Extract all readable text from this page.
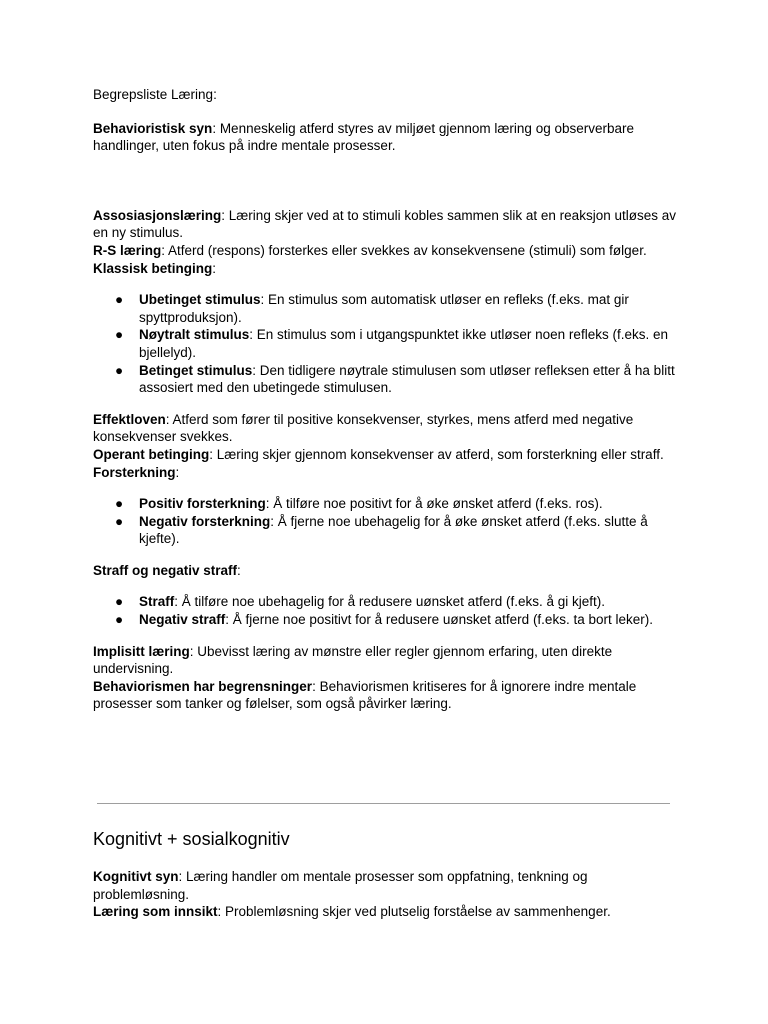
Begrepsliste Læring:

Behavioristisk syn: Menneskelig atferd styres av miljøet gjennom læring og observerbare handlinger, uten fokus på indre mentale prosesser.

Assosiasjonslæring: Læring skjer ved at to stimuli kobles sammen slik at en reaksjon utløses av en ny stimulus.

R-S læring: Atferd (respons) forsterkes eller svekkes av konsekvensene (stimuli) som følger.

Klassisk betinging:

● Ubetinget stimulus: En stimulus som automatisk utløser en refleks (f.eks. mat gir spyttproduksjon).
● Nøytralt stimulus: En stimulus som i utgangspunktet ikke utløser noen refleks (f.eks. en bjellelyd).
● Betinget stimulus: Den tidligere nøytrale stimulusen som utløser refleksen etter å ha blitt assosiert med den ubetingede stimulusen.

Effektloven: Atferd som fører til positive konsekvenser, styrkes, mens atferd med negative konsekvenser svekkes.

Operant betinging: Læring skjer gjennom konsekvenser av atferd, som forsterkning eller straff.

Forsterkning:

● Positiv forsterkning: Å tilføre noe positivt for å øke ønsket atferd (f.eks. ros).
● Negativ forsterkning: Å fjerne noe ubehagelig for å øke ønsket atferd (f.eks. slutte å kjefte).

Straff og negativ straff:

● Straff: Å tilføre noe ubehagelig for å redusere uønsket atferd (f.eks. å gi kjeft).
● Negativ straff: Å fjerne noe positivt for å redusere uønsket atferd (f.eks. ta bort leker).

Implisitt læring: Ubevisst læring av mønstre eller regler gjennom erfaring, uten direkte undervisning.

Behaviorismen har begrensninger: Behaviorismen kritiseres for å ignorere indre mentale prosesser som tanker og følelser, som også påvirker læring.

Kognitivt + sosialkognitiv

Kognitivt syn: Læring handler om mentale prosesser som oppfatning, tenkning og problemløsning.

Læring som innsikt: Problemløsning skjer ved plutselig forståelse av sammenhenger.
